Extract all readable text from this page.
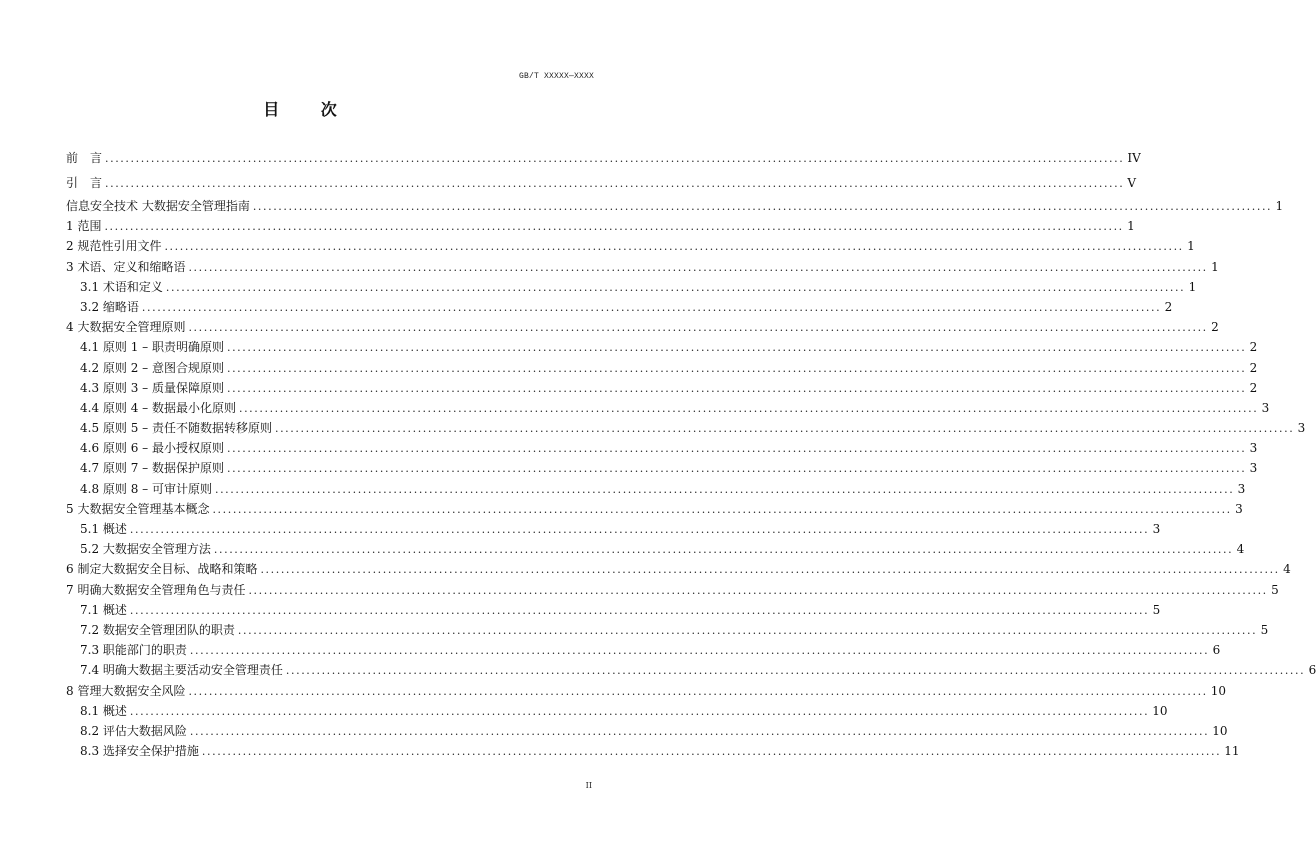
GB/T XXXXX—XXXX
目 次
前　言 ........................................................................................................................................................................................................ IV
引　言 ........................................................................................................................................................................................................ V
信息安全技术 大数据安全管理指南 ........................................................................................................................................................................................................ 1
1 范围 ........................................................................................................................................................................................................ 1
2 规范性引用文件 ........................................................................................................................................................................................................ 1
3 术语、定义和缩略语 ........................................................................................................................................................................................................ 1
3.1 术语和定义 ........................................................................................................................................................................................................ 1
3.2 缩略语 ........................................................................................................................................................................................................ 2
4 大数据安全管理原则 ........................................................................................................................................................................................................ 2
4.1 原则 1 – 职责明确原则 ........................................................................................................................................................................................................ 2
4.2 原则 2 – 意图合规原则 ........................................................................................................................................................................................................ 2
4.3 原则 3 – 质量保障原则 ........................................................................................................................................................................................................ 2
4.4 原则 4 – 数据最小化原则 ........................................................................................................................................................................................................ 3
4.5 原则 5 – 责任不随数据转移原则 ........................................................................................................................................................................................................ 3
4.6 原则 6 – 最小授权原则 ........................................................................................................................................................................................................ 3
4.7 原则 7 – 数据保护原则 ........................................................................................................................................................................................................ 3
4.8 原则 8 – 可审计原则 ........................................................................................................................................................................................................ 3
5 大数据安全管理基本概念 ........................................................................................................................................................................................................ 3
5.1 概述 ........................................................................................................................................................................................................ 3
5.2 大数据安全管理方法 ........................................................................................................................................................................................................ 4
6 制定大数据安全目标、战略和策略 ........................................................................................................................................................................................................ 4
7 明确大数据安全管理角色与责任 ........................................................................................................................................................................................................ 5
7.1 概述 ........................................................................................................................................................................................................ 5
7.2 数据安全管理团队的职责 ........................................................................................................................................................................................................ 5
7.3 职能部门的职责 ........................................................................................................................................................................................................ 6
7.4 明确大数据主要活动安全管理责任 ........................................................................................................................................................................................................ 6
8 管理大数据安全风险 ........................................................................................................................................................................................................ 10
8.1 概述 ........................................................................................................................................................................................................ 10
8.2 评估大数据风险 ........................................................................................................................................................................................................ 10
8.3 选择安全保护措施 ........................................................................................................................................................................................................ 11
II
